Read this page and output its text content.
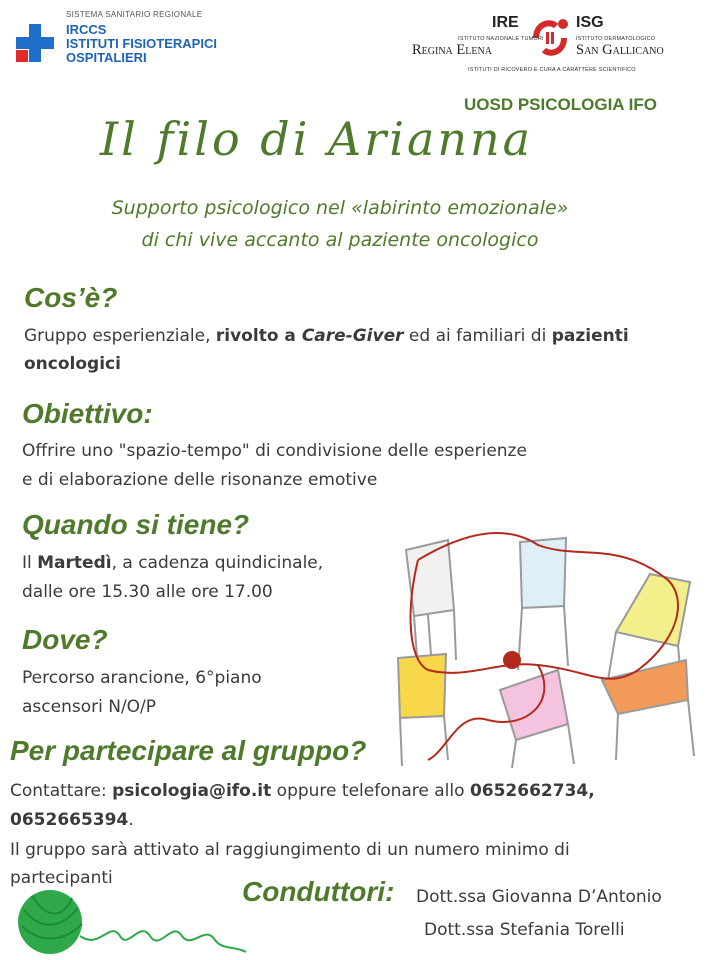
SISTEMA SANITARIO REGIONALE
IRCCS
ISTITUTI FISIOTERAPICI
OSPITALIERI
IRE	ISG
ISTITUTO NAZIONALE TUMORI
Regina Elena
ISTITUTO DERMATOLOGICO
San Gallicano
ISTITUTI DI RICOVERO E CURA A CARATTERE SCIENTIFICO
UOSD PSICOLOGIA IFO
Il filo di Arianna
Supporto psicologico nel «labirinto emozionale»
di chi vive accanto al paziente oncologico
Cos’è?
Gruppo esperienziale, rivolto a Care-Giver ed ai familiari di pazienti
oncologici
Obiettivo:
Offrire uno "spazio-tempo" di condivisione delle esperienze
e di elaborazione delle risonanze emotive
Quando si tiene?
Il Martedì, a cadenza quindicinale,
dalle ore 15.30 alle ore 17.00
Dove?
Percorso arancione, 6°piano
ascensori N/O/P
Per partecipare al gruppo?
Contattare: psicologia@ifo.it oppure telefonare allo 0652662734,
0652665394.
Il gruppo sarà attivato al raggiungimento di un numero minimo di
partecipanti	Conduttori: Dott.ssa Giovanna D’Antonio
Dott.ssa Stefania Torelli
